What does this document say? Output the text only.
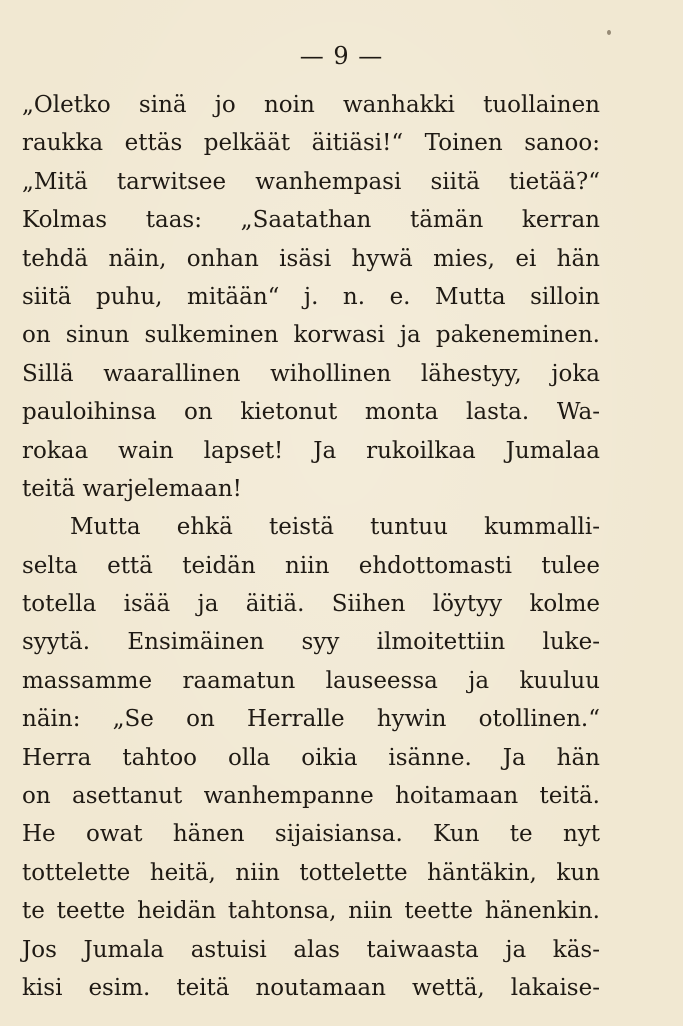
— 9 —
„Oletko sinä jo noin wanhakki tuollainen
raukka ettäs pelkäät äitiäsi!“ Toinen sanoo:
„Mitä tarwitsee wanhempasi siitä tietää?“
Kolmas taas: „Saatathan tämän kerran
tehdä näin, onhan isäsi hywä mies, ei hän
siitä puhu, mitään“ j. n. e. Mutta silloin
on sinun sulkeminen korwasi ja pakeneminen.
Sillä waarallinen wihollinen lähestyy, joka
pauloihinsa on kietonut monta lasta. Wa-
rokaa wain lapset! Ja rukoilkaa Jumalaa
teitä warjelemaan!
Mutta ehkä teistä tuntuu kummalli-
selta että teidän niin ehdottomasti tulee
totella isää ja äitiä. Siihen löytyy kolme
syytä. Ensimäinen syy ilmoitettiin luke-
massamme raamatun lauseessa ja kuuluu
näin: „Se on Herralle hywin otollinen.“
Herra tahtoo olla oikia isänne. Ja hän
on asettanut wanhempanne hoitamaan teitä.
He owat hänen sijaisiansa. Kun te nyt
tottelette heitä, niin tottelette häntäkin, kun
te teette heidän tahtonsa, niin teette hänenkin.
Jos Jumala astuisi alas taiwaasta ja käs-
kisi esim. teitä noutamaan wettä, lakaise-
